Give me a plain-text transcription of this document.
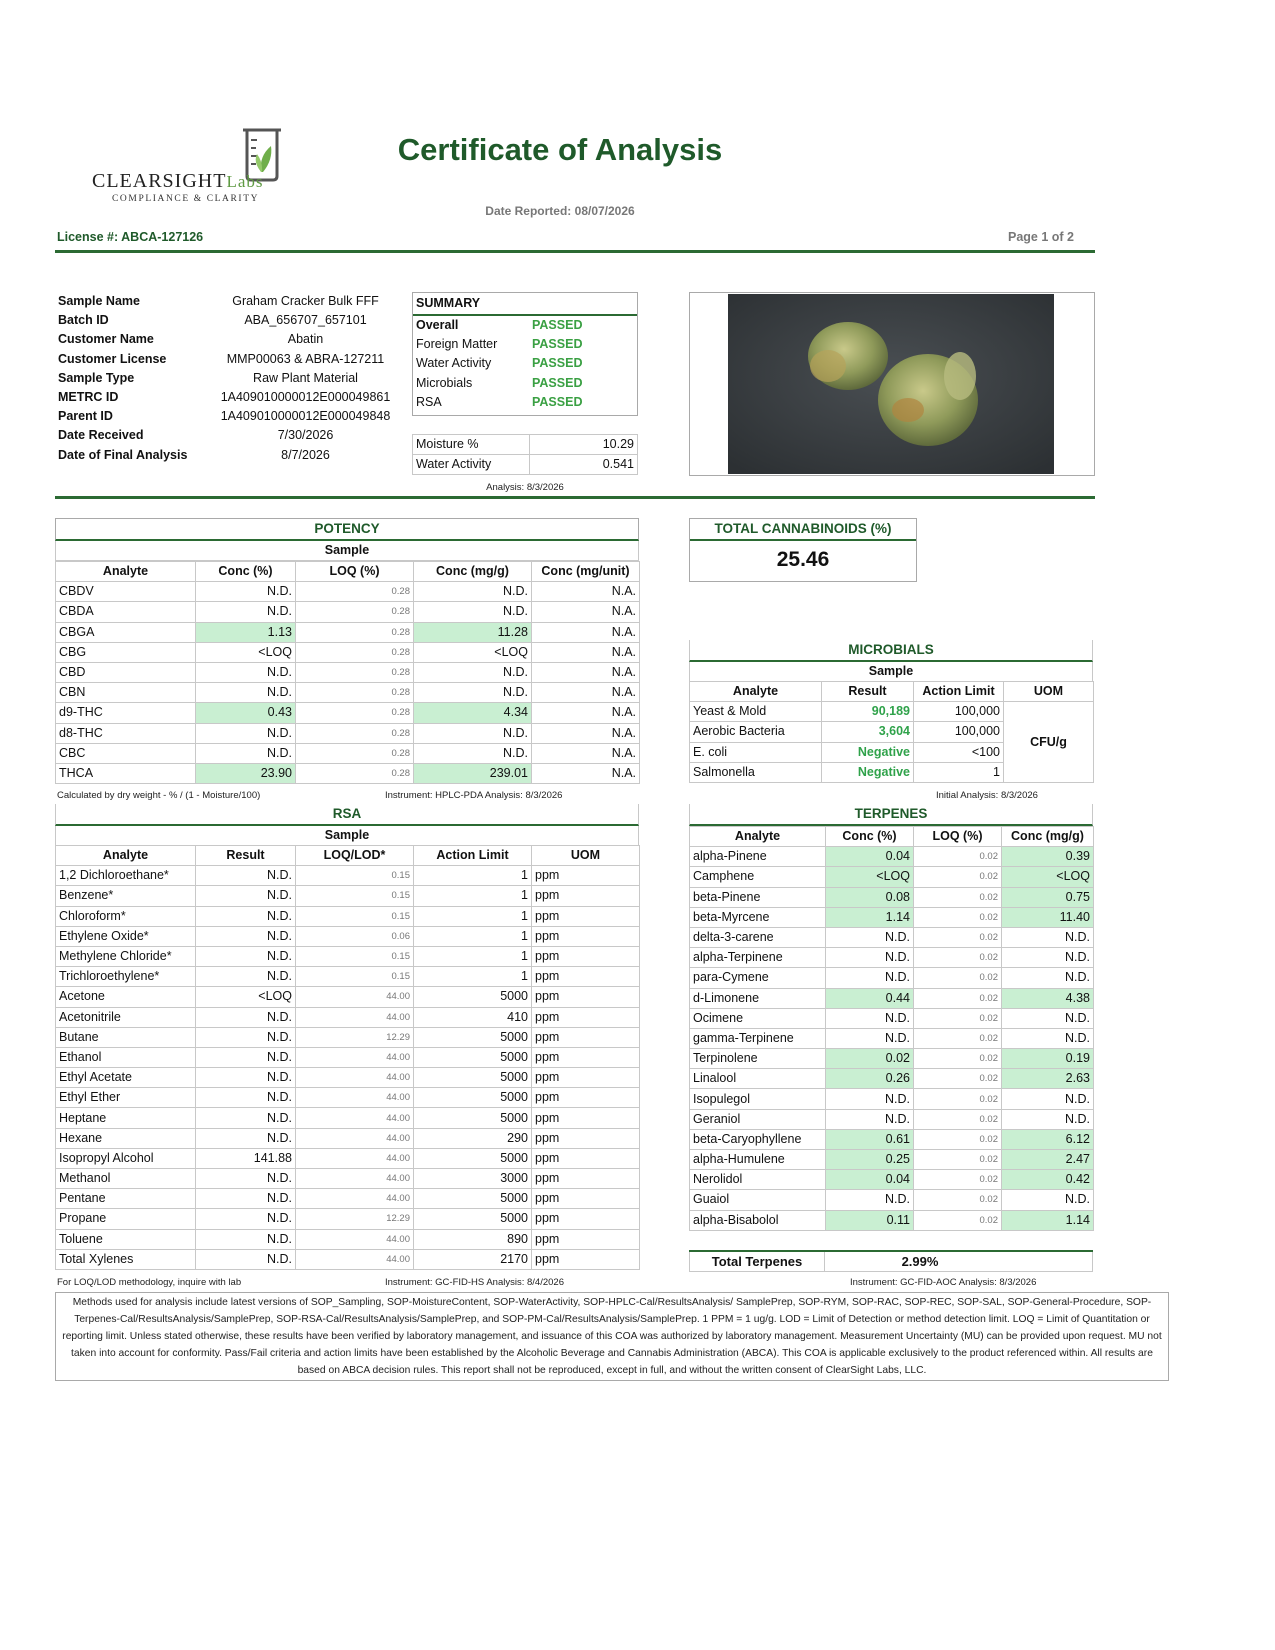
CLEARSIGHTLabs
COMPLIANCE & CLARITY
Certificate of Analysis
Date Reported: 08/07/2026
License #: ABCA-127126	Page 1 of 2
Sample Name	Graham Cracker Bulk FFF
Batch ID	ABA_656707_657101
Customer Name	Abatin
Customer License	MMP00063 & ABRA-127211
Sample Type	Raw Plant Material
METRC ID	1A409010000012E000049861
Parent ID	1A409010000012E000049848
Date Received	7/30/2026
Date of Final Analysis	8/7/2026
SUMMARY
Overall	PASSED
Foreign Matter	PASSED
Water Activity	PASSED
Microbials	PASSED
RSA	PASSED
Moisture %	10.29
Water Activity	0.541
Analysis: 8/3/2026
POTENCY
Sample
Analyte	Conc (%)	LOQ (%)	Conc (mg/g)	Conc (mg/unit)
CBDV	N.D.	0.28	N.D.	N.A.
CBDA	N.D.	0.28	N.D.	N.A.
CBGA	1.13	0.28	11.28	N.A.
CBG	<LOQ	0.28	<LOQ	N.A.
CBD	N.D.	0.28	N.D.	N.A.
CBN	N.D.	0.28	N.D.	N.A.
d9-THC	0.43	0.28	4.34	N.A.
d8-THC	N.D.	0.28	N.D.	N.A.
CBC	N.D.	0.28	N.D.	N.A.
THCA	23.90	0.28	239.01	N.A.
Calculated by dry weight - % / (1 - Moisture/100)	Instrument: HPLC-PDA Analysis: 8/3/2026
TOTAL CANNABINOIDS (%)
25.46
MICROBIALS
Sample
Analyte	Result	Action Limit	UOM
Yeast & Mold	90,189	100,000	CFU/g
Aerobic Bacteria	3,604	100,000	
E. coli	Negative	<100	
Salmonella	Negative	1	
Initial Analysis: 8/3/2026
RSA
Sample
Analyte	Result	LOQ/LOD*	Action Limit	UOM
1,2 Dichloroethane*	N.D.	0.15	1	ppm
Benzene*	N.D.	0.15	1	ppm
Chloroform*	N.D.	0.15	1	ppm
Ethylene Oxide*	N.D.	0.06	1	ppm
Methylene Chloride*	N.D.	0.15	1	ppm
Trichloroethylene*	N.D.	0.15	1	ppm
Acetone	<LOQ	44.00	5000	ppm
Acetonitrile	N.D.	44.00	410	ppm
Butane	N.D.	12.29	5000	ppm
Ethanol	N.D.	44.00	5000	ppm
Ethyl Acetate	N.D.	44.00	5000	ppm
Ethyl Ether	N.D.	44.00	5000	ppm
Heptane	N.D.	44.00	5000	ppm
Hexane	N.D.	44.00	290	ppm
Isopropyl Alcohol	141.88	44.00	5000	ppm
Methanol	N.D.	44.00	3000	ppm
Pentane	N.D.	44.00	5000	ppm
Propane	N.D.	12.29	5000	ppm
Toluene	N.D.	44.00	890	ppm
Total Xylenes	N.D.	44.00	2170	ppm
For LOQ/LOD methodology, inquire with lab	Instrument: GC-FID-HS Analysis: 8/4/2026
TERPENES
Analyte	Conc (%)	LOQ (%)	Conc (mg/g)
alpha-Pinene	0.04	0.02	0.39
Camphene	<LOQ	0.02	<LOQ
beta-Pinene	0.08	0.02	0.75
beta-Myrcene	1.14	0.02	11.40
delta-3-carene	N.D.	0.02	N.D.
alpha-Terpinene	N.D.	0.02	N.D.
para-Cymene	N.D.	0.02	N.D.
d-Limonene	0.44	0.02	4.38
Ocimene	N.D.	0.02	N.D.
gamma-Terpinene	N.D.	0.02	N.D.
Terpinolene	0.02	0.02	0.19
Linalool	0.26	0.02	2.63
Isopulegol	N.D.	0.02	N.D.
Geraniol	N.D.	0.02	N.D.
beta-Caryophyllene	0.61	0.02	6.12
alpha-Humulene	0.25	0.02	2.47
Nerolidol	0.04	0.02	0.42
Guaiol	N.D.	0.02	N.D.
alpha-Bisabolol	0.11	0.02	1.14
Total Terpenes	2.99%
Instrument: GC-FID-AOC Analysis: 8/3/2026
Methods used for analysis include latest versions of SOP_Sampling, SOP-MoistureContent, SOP-WaterActivity, SOP-HPLC-Cal/ResultsAnalysis/ SamplePrep, SOP-RYM, SOP-RAC, SOP-REC, SOP-SAL, SOP-General-Procedure, SOP-Terpenes-Cal/ResultsAnalysis/SamplePrep, SOP-RSA-Cal/ResultsAnalysis/SamplePrep, and SOP-PM-Cal/ResultsAnalysis/SamplePrep. 1 PPM = 1 ug/g. LOD = Limit of Detection or method detection limit. LOQ = Limit of Quantitation or reporting limit. Unless stated otherwise, these results have been verified by laboratory management, and issuance of this COA was authorized by laboratory management. Measurement Uncertainty (MU) can be provided upon request. MU not taken into account for conformity. Pass/Fail criteria and action limits have been established by the Alcoholic Beverage and Cannabis Administration (ABCA). This COA is applicable exclusively to the product referenced within. All results are based on ABCA decision rules. This report shall not be reproduced, except in full, and without the written consent of ClearSight Labs, LLC.
